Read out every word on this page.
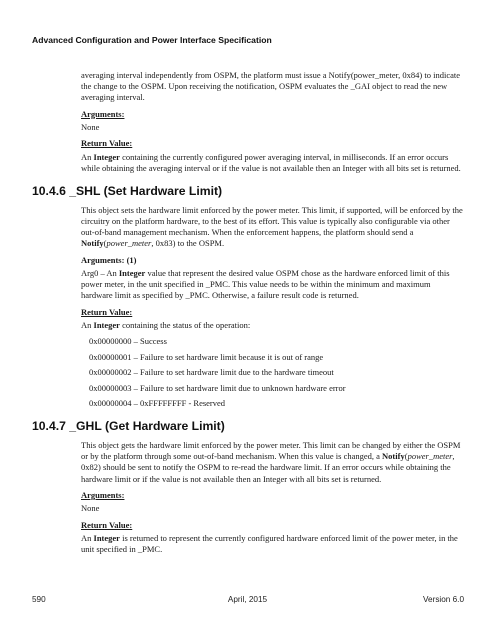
Advanced Configuration and Power Interface Specification

averaging interval independently from OSPM, the platform must issue a Notify(power_meter, 0x84) to indicate the change to the OSPM. Upon receiving the notification, OSPM evaluates the _GAI object to read the new averaging interval.

Arguments:

None

Return Value:

An Integer containing the currently configured power averaging interval, in milliseconds. If an error occurs while obtaining the averaging interval or if the value is not available then an Integer with all bits set is returned.

10.4.6 _SHL (Set Hardware Limit)

This object sets the hardware limit enforced by the power meter. This limit, if supported, will be enforced by the circuitry on the platform hardware, to the best of its effort. This value is typically also configurable via other out-of-band management mechanism. When the enforcement happens, the platform should send a Notify(power_meter, 0x83) to the OSPM.

Arguments: (1)

Arg0 – An Integer value that represent the desired value OSPM chose as the hardware enforced limit of this power meter, in the unit specified in _PMC. This value needs to be within the minimum and maximum hardware limit as specified by _PMC. Otherwise, a failure result code is returned.

Return Value:

An Integer containing the status of the operation:

0x00000000 – Success

0x00000001 – Failure to set hardware limit because it is out of range

0x00000002 – Failure to set hardware limit due to the hardware timeout

0x00000003 – Failure to set hardware limit due to unknown hardware error

0x00000004 – 0xFFFFFFFF - Reserved

10.4.7 _GHL (Get Hardware Limit)

This object gets the hardware limit enforced by the power meter. This limit can be changed by either the OSPM or by the platform through some out-of-band mechanism. When this value is changed, a Notify(power_meter, 0x82) should be sent to notify the OSPM to re-read the hardware limit. If an error occurs while obtaining the hardware limit or if the value is not available then an Integer with all bits set is returned.

Arguments:

None

Return Value:

An Integer is returned to represent the currently configured hardware enforced limit of the power meter, in the unit specified in _PMC.

590	April, 2015	Version 6.0
